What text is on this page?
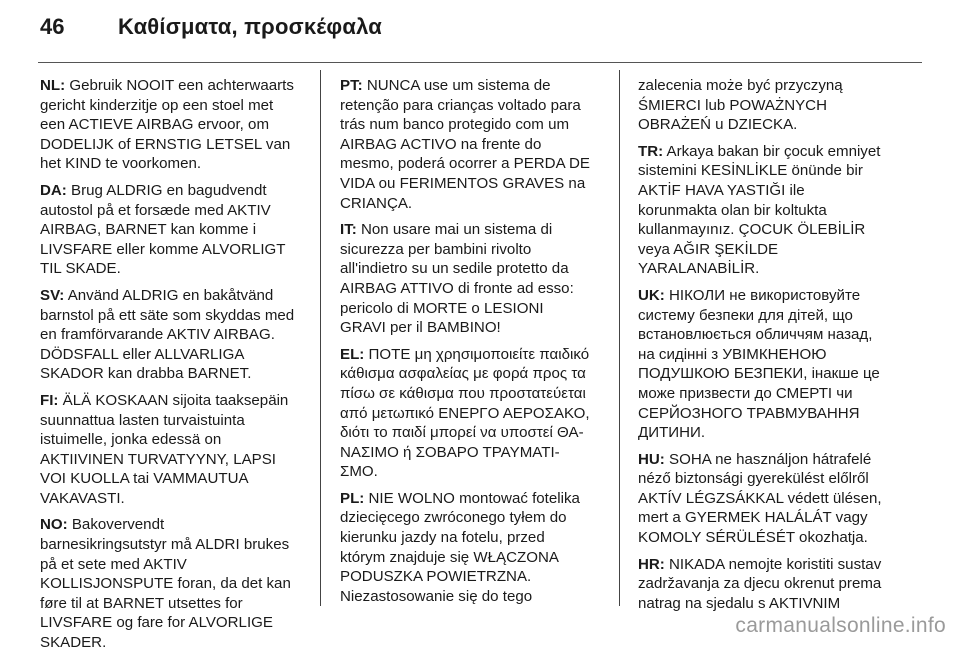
46	Καθίσματα, προσκέφαλα
NL: Gebruik NOOIT een achterwaarts
gericht kinderzitje op een stoel met
een ACTIEVE AIRBAG ervoor, om
DODELIJK of ERNSTIG LETSEL van
het KIND te voorkomen.
DA: Brug ALDRIG en bagudvendt
autostol på et forsæde med AKTIV
AIRBAG, BARNET kan komme i
LIVSFARE eller komme ALVORLIGT
TIL SKADE.
SV: Använd ALDRIG en bakåtvänd
barnstol på ett säte som skyddas med
en framförvarande AKTIV AIRBAG.
DÖDSFALL eller ALLVARLIGA
SKADOR kan drabba BARNET.
FI: ÄLÄ KOSKAAN sijoita taaksepäin
suunnattua lasten turvaistuinta
istuimelle, jonka edessä on
AKTIIVINEN TURVATYYNY, LAPSI
VOI KUOLLA tai VAMMAUTUA
VAKAVASTI.
NO: Bakovervendt
barnesikringsutstyr må ALDRI brukes
på et sete med AKTIV
KOLLISJONSPUTE foran, da det kan
føre til at BARNET utsettes for
LIVSFARE og fare for ALVORLIGE
SKADER.
PT: NUNCA use um sistema de
retenção para crianças voltado para
trás num banco protegido com um
AIRBAG ACTIVO na frente do
mesmo, poderá ocorrer a PERDA DE
VIDA ou FERIMENTOS GRAVES na
CRIANÇA.
IT: Non usare mai un sistema di
sicurezza per bambini rivolto
all'indietro su un sedile protetto da
AIRBAG ATTIVO di fronte ad esso:
pericolo di MORTE o LESIONI
GRAVI per il BAMBINO!
EL: ΠΟΤΕ μη χρησιμοποιείτε παιδικό
κάθισμα ασφαλείας με φορά προς τα
πίσω σε κάθισμα που προστατεύεται
από μετωπικό ΕΝΕΡΓΟ ΑΕΡΟΣΑΚΟ,
διότι το παιδί μπορεί να υποστεί ΘΑ-
ΝΑΣΙΜΟ ή ΣΟΒΑΡΟ ΤΡΑΥΜΑΤΙ-
ΣΜΟ.
PL: NIE WOLNO montować fotelika
dziecięcego zwróconego tyłem do
kierunku jazdy na fotelu, przed
którym znajduje się WŁĄCZONA
PODUSZKA POWIETRZNA.
Niezastosowanie się do tego
zalecenia może być przyczyną
ŚMIERCI lub POWAŻNYCH
OBRAŻEŃ u DZIECKA.
TR: Arkaya bakan bir çocuk emniyet
sistemini KESİNLİKLE önünde bir
AKTİF HAVA YASTIĞI ile
korunmakta olan bir koltukta
kullanmayınız. ÇOCUK ÖLEBİLİR
veya AĞIR ŞEKİLDE
YARALANABİLİR.
UK: НІКОЛИ не використовуйте
систему безпеки для дітей, що
встановлюється обличчям назад,
на сидінні з УВІМКНЕНОЮ
ПОДУШКОЮ БЕЗПЕКИ, інакше це
може призвести до СМЕРТІ чи
СЕРЙОЗНОГО ТРАВМУВАННЯ
ДИТИНИ.
HU: SOHA ne használjon hátrafelé
néző biztonsági gyerekülést előlről
AKTÍV LÉGZSÁKKAL védett ülésen,
mert a GYERMEK HALÁLÁT vagy
KOMOLY SÉRÜLÉSÉT okozhatja.
HR: NIKADA nemojte koristiti sustav
zadržavanja za djecu okrenut prema
natrag na sjedalu s AKTIVNIM
carmanualsonline.info
